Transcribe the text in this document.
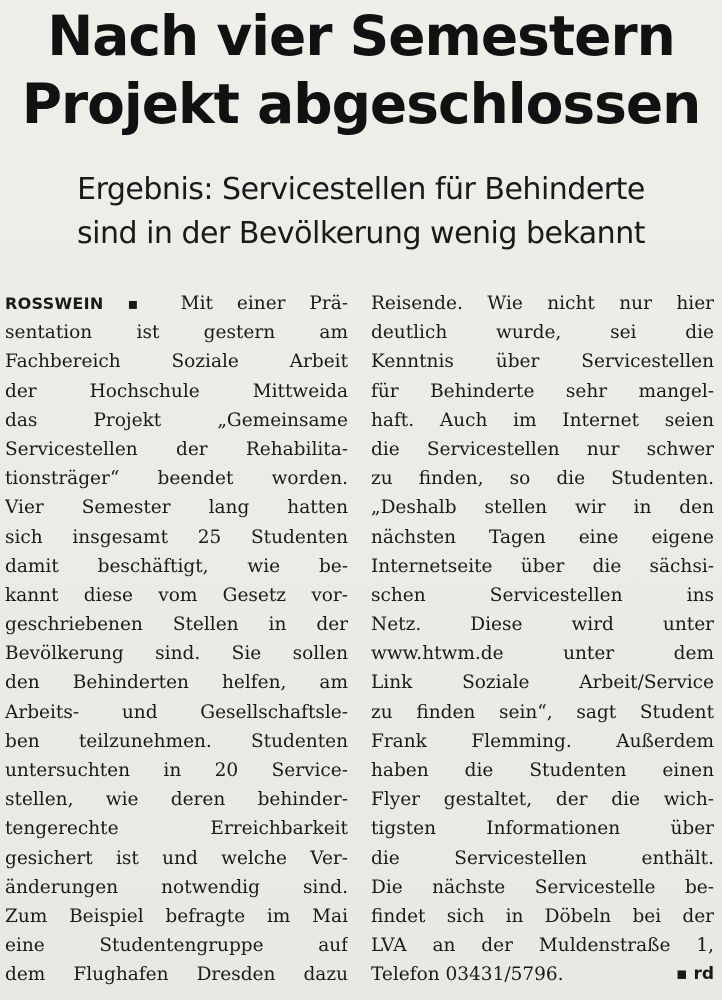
Nach vier Semestern
Projekt abgeschlossen
Ergebnis: Servicestellen für Behinderte
sind in der Bevölkerung wenig bekannt
ROSSWEIN ▪ Mit einer Prä-
sentation ist gestern am
Fachbereich Soziale Arbeit
der Hochschule Mittweida
das Projekt „Gemeinsame
Servicestellen der Rehabilita-
tionsträger“ beendet worden.
Vier Semester lang hatten
sich insgesamt 25 Studenten
damit beschäftigt, wie be-
kannt diese vom Gesetz vor-
geschriebenen Stellen in der
Bevölkerung sind. Sie sollen
den Behinderten helfen, am
Arbeits- und Gesellschaftsle-
ben teilzunehmen. Studenten
untersuchten in 20 Service-
stellen, wie deren behinder-
tengerechte Erreichbarkeit
gesichert ist und welche Ver-
änderungen notwendig sind.
Zum Beispiel befragte im Mai
eine Studentengruppe auf
dem Flughafen Dresden dazu
Reisende. Wie nicht nur hier
deutlich wurde, sei die
Kenntnis über Servicestellen
für Behinderte sehr mangel-
haft. Auch im Internet seien
die Servicestellen nur schwer
zu finden, so die Studenten.
„Deshalb stellen wir in den
nächsten Tagen eine eigene
Internetseite über die sächsi-
schen Servicestellen ins
Netz. Diese wird unter
www.htwm.de unter dem
Link Soziale Arbeit/Service
zu finden sein“, sagt Student
Frank Flemming. Außerdem
haben die Studenten einen
Flyer gestaltet, der die wich-
tigsten Informationen über
die Servicestellen enthält.
Die nächste Servicestelle be-
findet sich in Döbeln bei der
LVA an der Muldenstraße 1,
Telefon 03431/5796.	▪ rd
